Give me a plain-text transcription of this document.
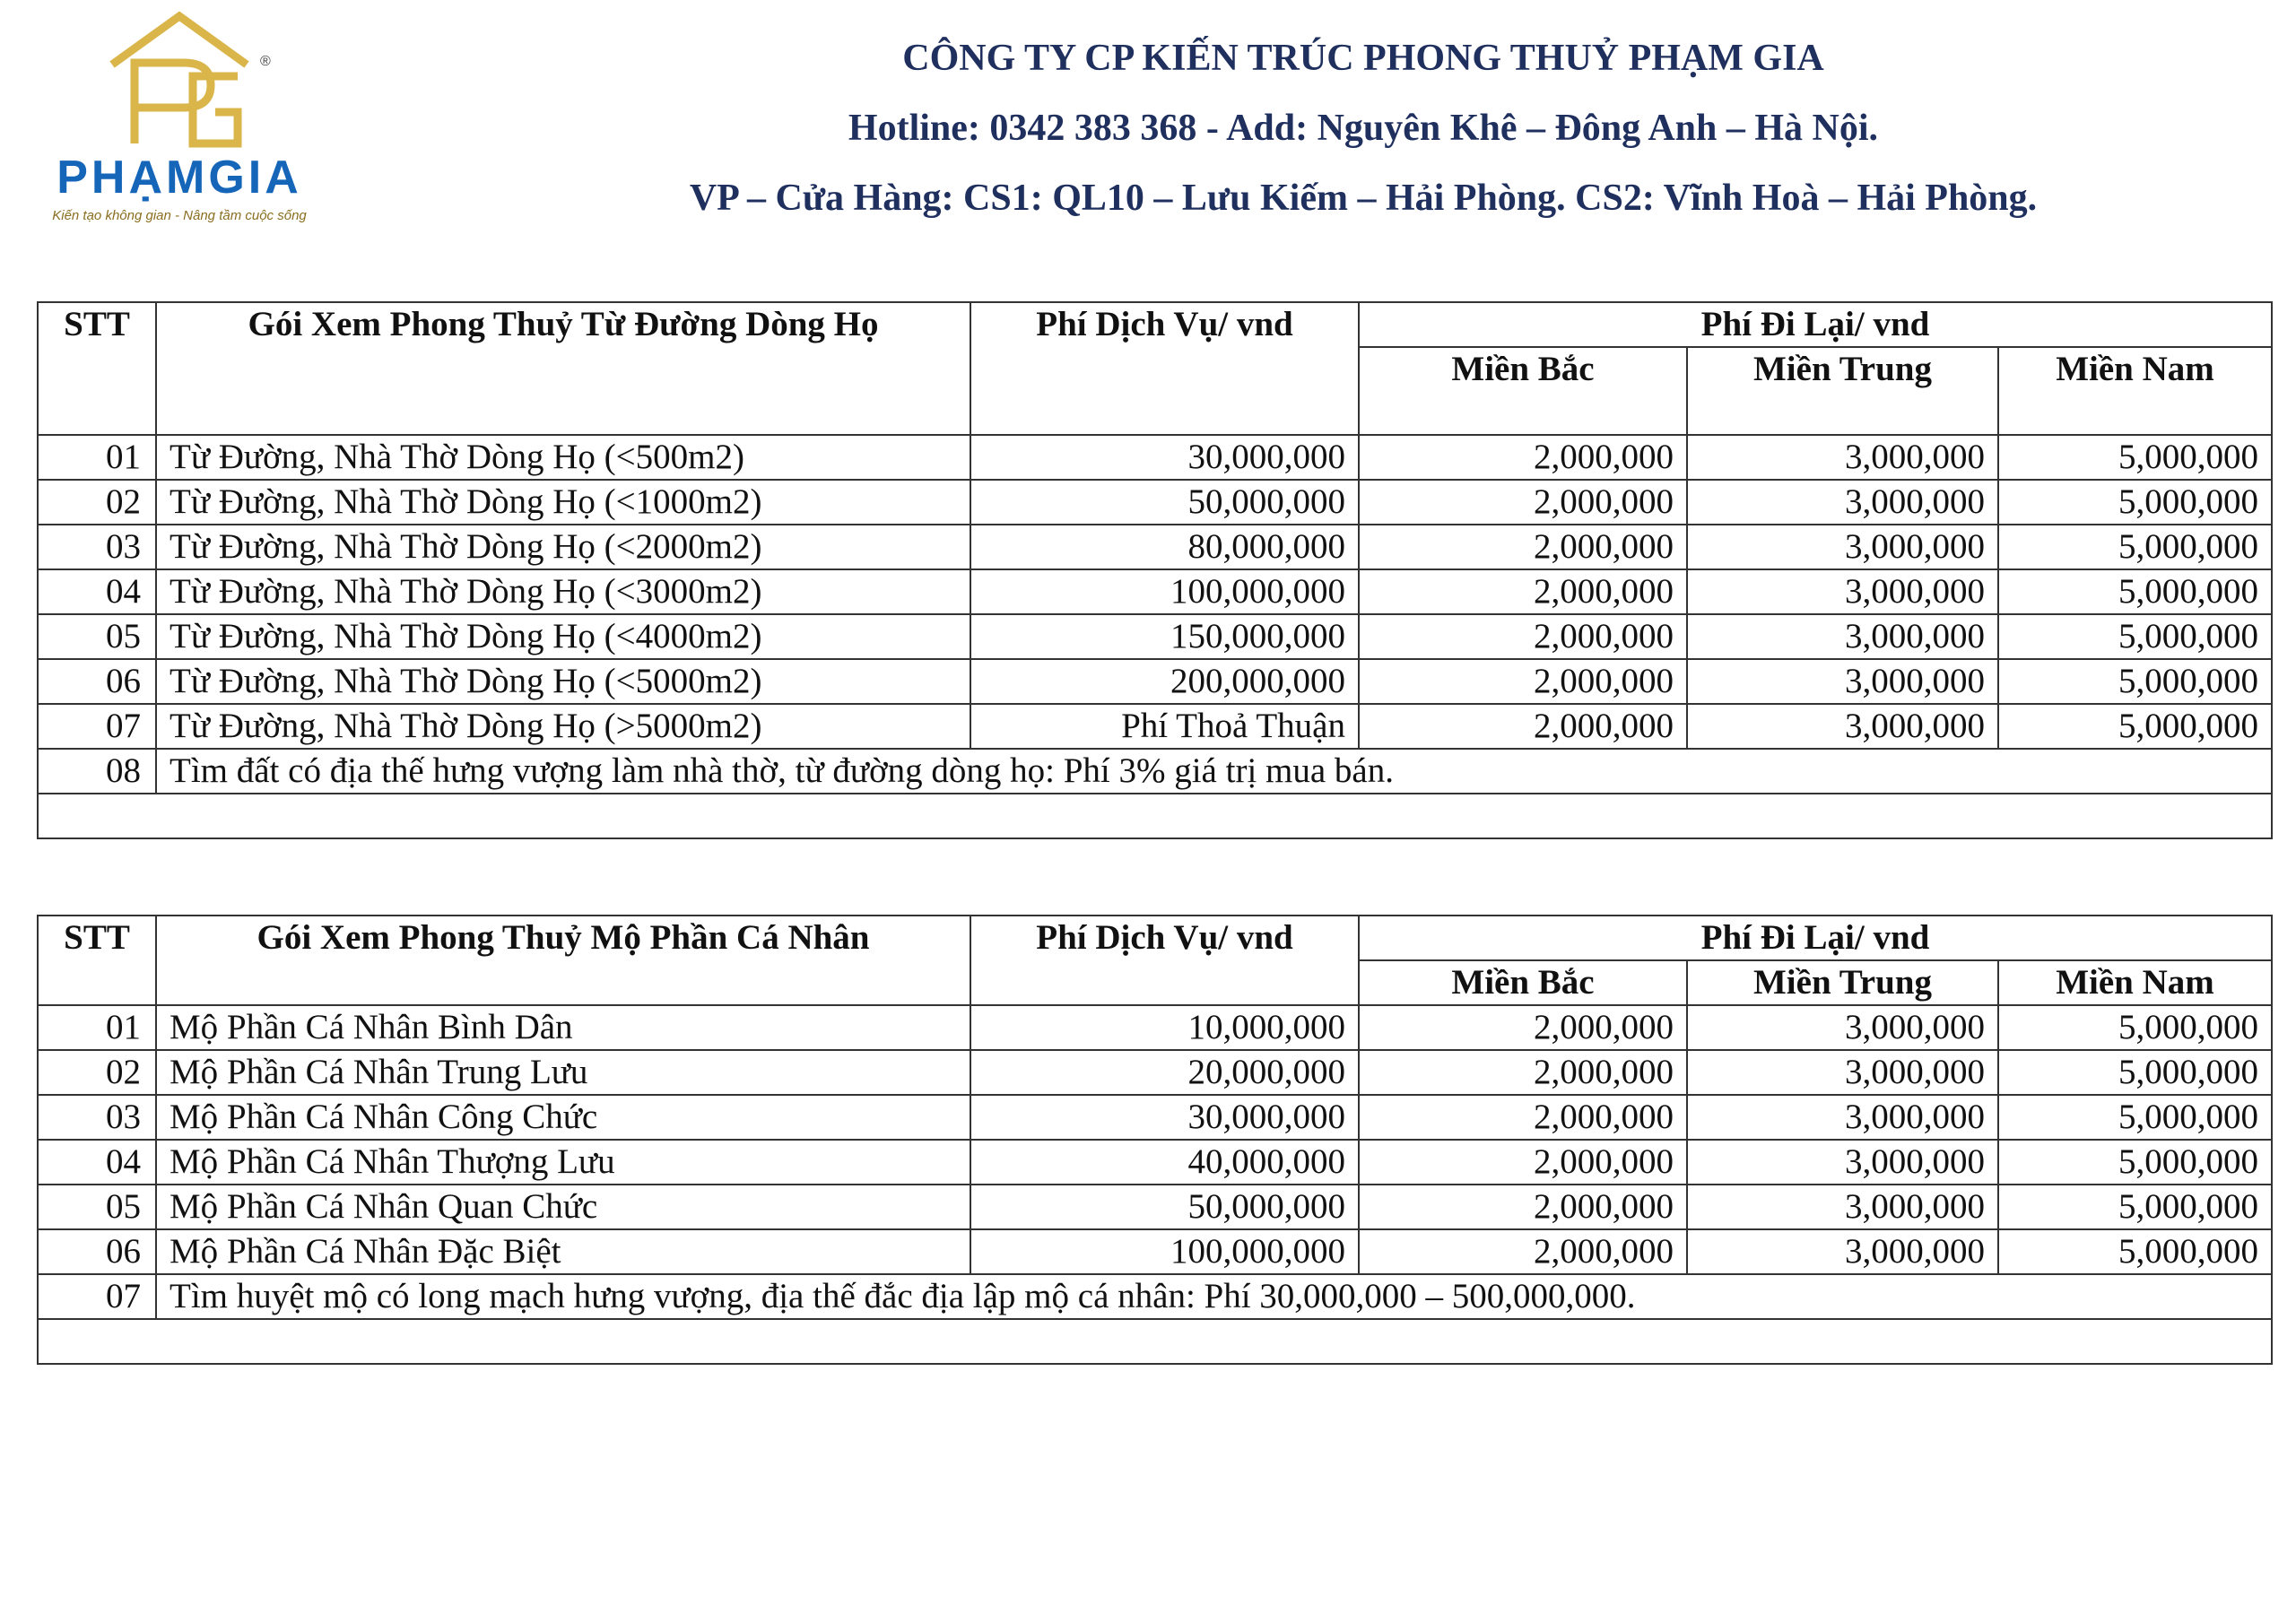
®
PHẠMGIA
Kiến tạo không gian - Nâng tầm cuộc sống
CÔNG TY CP KIẾN TRÚC PHONG THUỶ PHẠM GIA
Hotline: 0342 383 368 - Add: Nguyên Khê – Đông Anh – Hà Nội.
VP – Cửa Hàng: CS1: QL10 – Lưu Kiếm – Hải Phòng. CS2: Vĩnh Hoà – Hải Phòng.
STT	Gói Xem Phong Thuỷ Từ Đường Dòng Họ	Phí Dịch Vụ/ vnd	Phí Đi Lại/ vnd		
			Miền Bắc	Miền Trung	Miền Nam
01	Từ Đường, Nhà Thờ Dòng Họ (<500m2)	30,000,000	2,000,000	3,000,000	5,000,000
02	Từ Đường, Nhà Thờ Dòng Họ (<1000m2)	50,000,000	2,000,000	3,000,000	5,000,000
03	Từ Đường, Nhà Thờ Dòng Họ (<2000m2)	80,000,000	2,000,000	3,000,000	5,000,000
04	Từ Đường, Nhà Thờ Dòng Họ (<3000m2)	100,000,000	2,000,000	3,000,000	5,000,000
05	Từ Đường, Nhà Thờ Dòng Họ (<4000m2)	150,000,000	2,000,000	3,000,000	5,000,000
06	Từ Đường, Nhà Thờ Dòng Họ (<5000m2)	200,000,000	2,000,000	3,000,000	5,000,000
07	Từ Đường, Nhà Thờ Dòng Họ (>5000m2)	Phí Thoả Thuận	2,000,000	3,000,000	5,000,000
08	Tìm đất có địa thế hưng vượng làm nhà thờ, từ đường dòng họ: Phí 3% giá trị mua bán.				

STT	Gói Xem Phong Thuỷ Mộ Phần Cá Nhân	Phí Dịch Vụ/ vnd	Phí Đi Lại/ vnd		
			Miền Bắc	Miền Trung	Miền Nam
01	Mộ Phần Cá Nhân Bình Dân	10,000,000	2,000,000	3,000,000	5,000,000
02	Mộ Phần Cá Nhân Trung Lưu	20,000,000	2,000,000	3,000,000	5,000,000
03	Mộ Phần Cá Nhân Công Chức	30,000,000	2,000,000	3,000,000	5,000,000
04	Mộ Phần Cá Nhân Thượng Lưu	40,000,000	2,000,000	3,000,000	5,000,000
05	Mộ Phần Cá Nhân Quan Chức	50,000,000	2,000,000	3,000,000	5,000,000
06	Mộ Phần Cá Nhân Đặc Biệt	100,000,000	2,000,000	3,000,000	5,000,000
07	Tìm huyệt mộ có long mạch hưng vượng, địa thế đắc địa lập mộ cá nhân: Phí 30,000,000 – 500,000,000.				
